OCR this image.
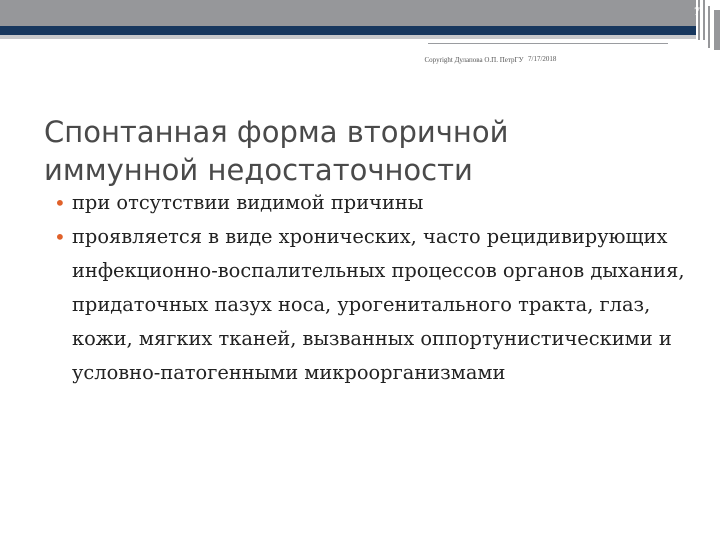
7
Copyright Дулапова О.П. ПетрГУ 7/17/2018
Спонтанная форма вторичной иммунной недостаточности
• при отсутствии видимой причины
• проявляется в виде хронических, часто рецидивирующих инфекционно-воспалительных процессов органов дыхания, придаточных пазух носа, урогенитального тракта, глаз, кожи, мягких тканей, вызванных оппортунистическими и условно-патогенными микроорганизмами
